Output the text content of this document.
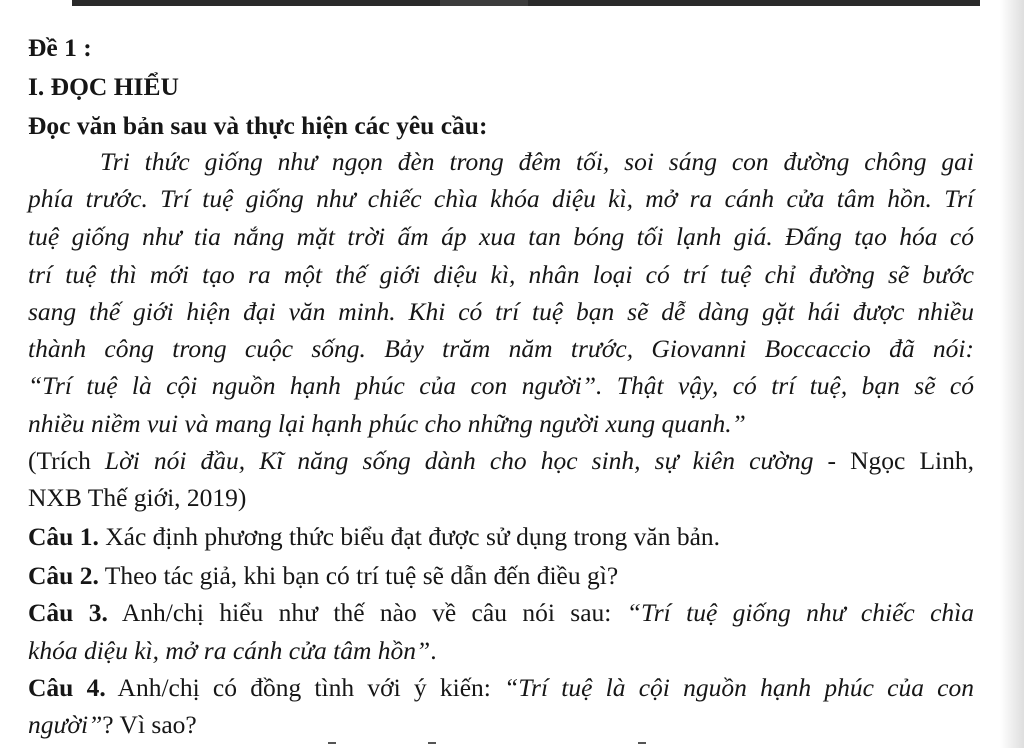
Đề 1 :
I. ĐỌC HIỂU
Đọc văn bản sau và thực hiện các yêu cầu:
Tri thức giống như ngọn đèn trong đêm tối, soi sáng con đường chông gai
phía trước. Trí tuệ giống như chiếc chìa khóa diệu kì, mở ra cánh cửa tâm hồn. Trí
tuệ giống như tia nắng mặt trời ấm áp xua tan bóng tối lạnh giá. Đấng tạo hóa có
trí tuệ thì mới tạo ra một thế giới diệu kì, nhân loại có trí tuệ chỉ đường sẽ bước
sang thế giới hiện đại văn minh. Khi có trí tuệ bạn sẽ dễ dàng gặt hái được nhiều
thành công trong cuộc sống. Bảy trăm năm trước, Giovanni Boccaccio đã nói:
“Trí tuệ là cội nguồn hạnh phúc của con người”. Thật vậy, có trí tuệ, bạn sẽ có
nhiều niềm vui và mang lại hạnh phúc cho những người xung quanh.”
(Trích Lời nói đầu, Kĩ năng sống dành cho học sinh, sự kiên cường - Ngọc Linh,
NXB Thế giới, 2019)
Câu 1. Xác định phương thức biểu đạt được sử dụng trong văn bản.
Câu 2. Theo tác giả, khi bạn có trí tuệ sẽ dẫn đến điều gì?
Câu 3. Anh/chị hiểu như thế nào về câu nói sau: “Trí tuệ giống như chiếc chìa
khóa diệu kì, mở ra cánh cửa tâm hồn”.
Câu 4. Anh/chị có đồng tình với ý kiến: “Trí tuệ là cội nguồn hạnh phúc của con
người”? Vì sao?
